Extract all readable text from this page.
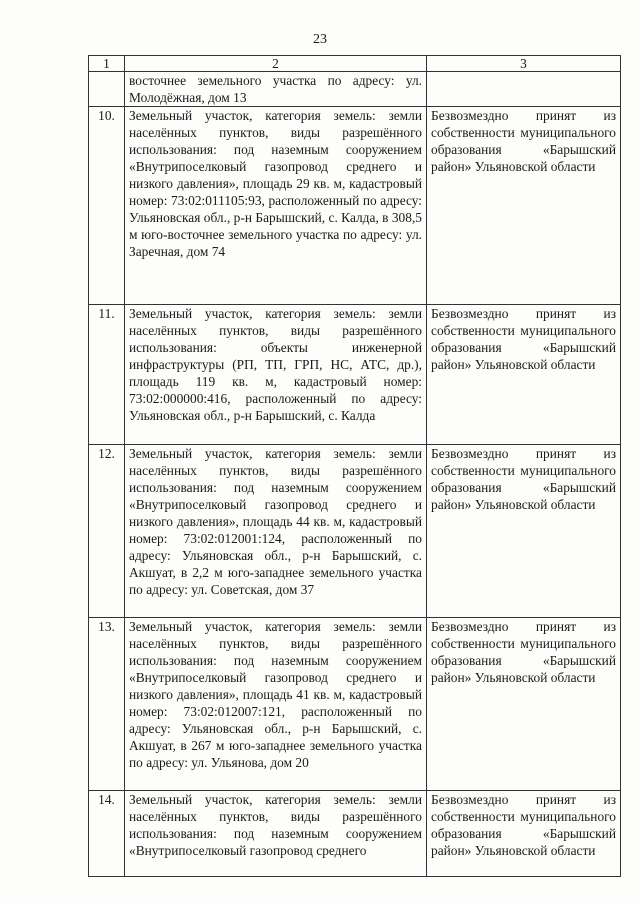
23
1	2	3
	восточнее земельного участка по адресу: ул. Молодёжная, дом 13	
10.	Земельный участок, категория земель: земли населённых пунктов, виды разрешённого использования: под наземным сооружением «Внутрипоселковый газопровод среднего и низкого давления», площадь 29 кв. м, кадастровый номер: 73:02:011105:93, расположенный по адресу: Ульяновская обл., р-н Барышский, с. Калда, в 308,5 м юго-восточнее земельного участка по адресу: ул. Заречная, дом 74	Безвозмездно принят из собственности муниципального образования «Барышский район» Ульяновской области
11.	Земельный участок, категория земель: земли населённых пунктов, виды разрешённого использования: объекты инженерной инфраструктуры (РП, ТП, ГРП, НС, АТС, др.), площадь 119 кв. м, кадастровый номер: 73:02:000000:416, расположенный по адресу: Ульяновская обл., р-н Барышский, с. Калда	Безвозмездно принят из собственности муниципального образования «Барышский район» Ульяновской области
12.	Земельный участок, категория земель: земли населённых пунктов, виды разрешённого использования: под наземным сооружением «Внутрипоселковый газопровод среднего и низкого давления», площадь 44 кв. м, кадастровый номер: 73:02:012001:124, расположенный по адресу: Ульяновская обл., р-н Барышский, с. Акшуат, в 2,2 м юго-западнее земельного участка по адресу: ул. Советская, дом 37	Безвозмездно принят из собственности муниципального образования «Барышский район» Ульяновской области
13.	Земельный участок, категория земель: земли населённых пунктов, виды разрешённого использования: под наземным сооружением «Внутрипоселковый газопровод среднего и низкого давления», площадь 41 кв. м, кадастровый номер: 73:02:012007:121, расположенный по адресу: Ульяновская обл., р-н Барышский, с. Акшуат, в 267 м юго-западнее земельного участка по адресу: ул. Ульянова, дом 20	Безвозмездно принят из собственности муниципального образования «Барышский район» Ульяновской области
14.	Земельный участок, категория земель: земли населённых пунктов, виды разрешённого использования: под наземным сооружением «Внутрипоселковый газопровод среднего	Безвозмездно принят из собственности муниципального образования «Барышский район» Ульяновской области
